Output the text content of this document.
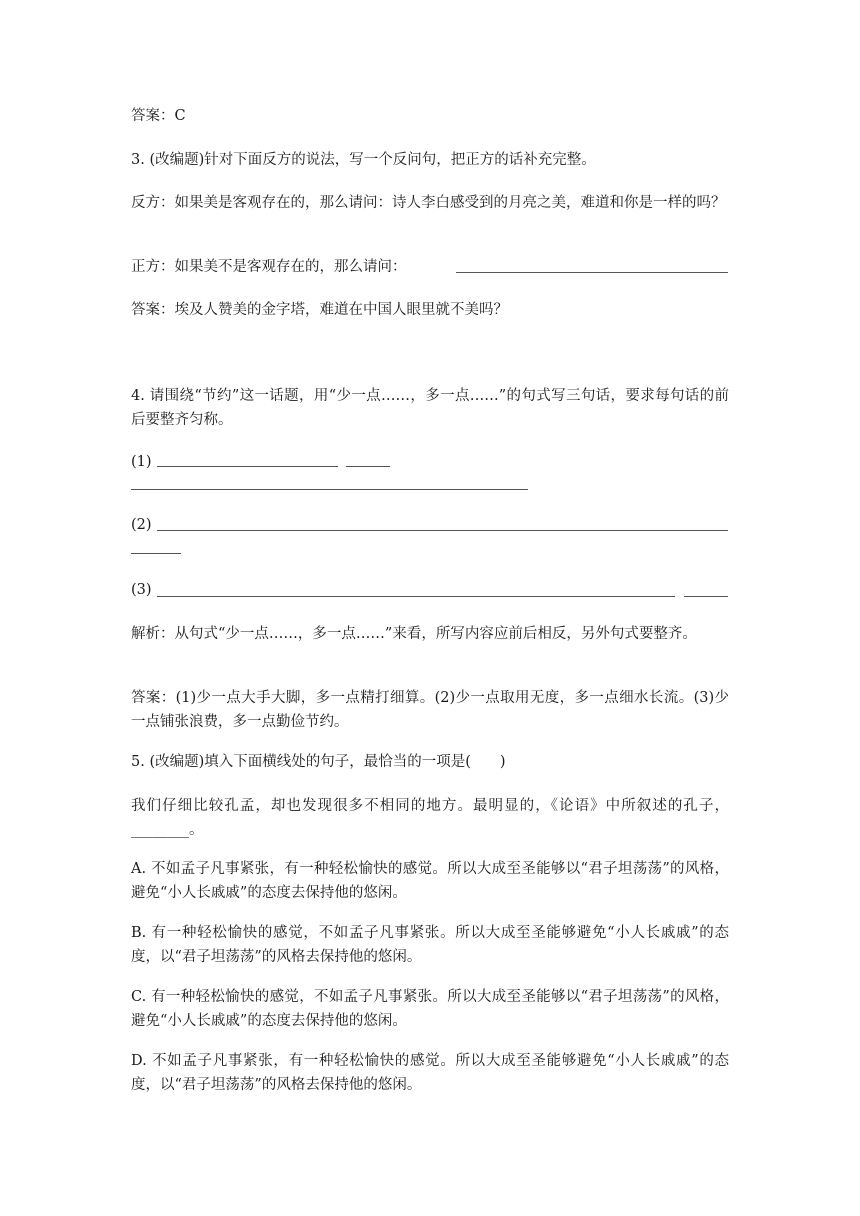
答案：C

3. (改编题)针对下面反方的说法，写一个反问句，把正方的话补充完整。

反方：如果美是客观存在的，那么请问：诗人李白感受到的月亮之美，难道和你是一样的吗？

正方：如果美不是客观存在的，那么请问：

答案：埃及人赞美的金字塔，难道在中国人眼里就不美吗？

4. 请围绕“节约”这一话题，用“少一点……，多一点……”的句式写三句话，要求每句话的前后要整齐匀称。

(1)
(2)
(3)

解析：从句式“少一点……，多一点……”来看，所写内容应前后相反，另外句式要整齐。

答案：(1)少一点大手大脚，多一点精打细算。(2)少一点取用无度，多一点细水长流。(3)少一点铺张浪费，多一点勤俭节约。

5. (改编题)填入下面横线处的句子，最恰当的一项是(　　)

我们仔细比较孔孟，却也发现很多不相同的地方。最明显的，《论语》中所叙述的孔子，________。

A. 不如孟子凡事紧张，有一种轻松愉快的感觉。所以大成至圣能够以“君子坦荡荡”的风格，避免“小人长戚戚”的态度去保持他的悠闲。

B. 有一种轻松愉快的感觉，不如孟子凡事紧张。所以大成至圣能够避免“小人长戚戚”的态度，以“君子坦荡荡”的风格去保持他的悠闲。

C. 有一种轻松愉快的感觉，不如孟子凡事紧张。所以大成至圣能够以“君子坦荡荡”的风格，避免“小人长戚戚”的态度去保持他的悠闲。

D. 不如孟子凡事紧张，有一种轻松愉快的感觉。所以大成至圣能够避免“小人长戚戚”的态度，以“君子坦荡荡”的风格去保持他的悠闲。
